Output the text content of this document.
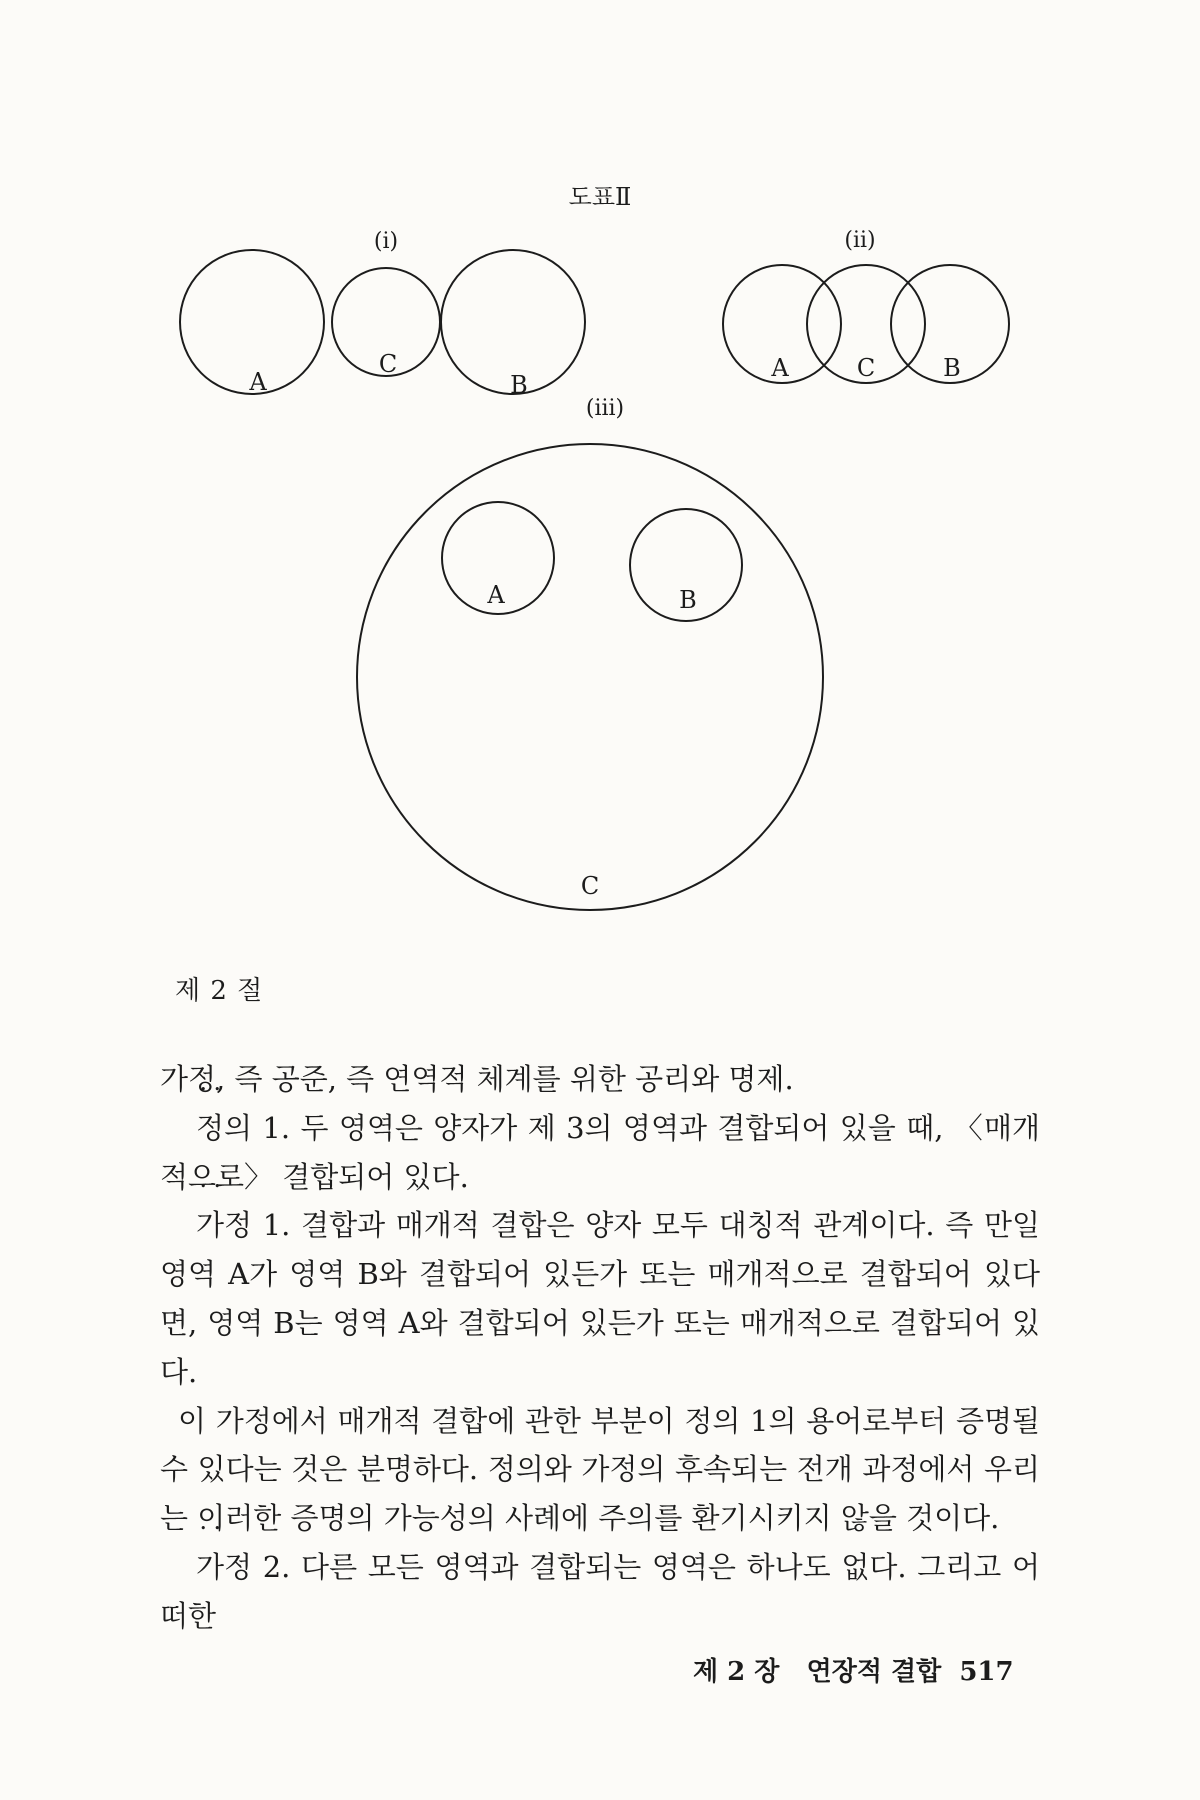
도표Ⅱ
(i)
A
C
B
(ii)
A	C	B
(iii)
A	B
C
제 2 절

가정, 즉 공준, 즉 연역적 체계를 위한 공리와 명제.

• • 정의 1. 두 영역은 양자가 제 3의 영역과 결합되어 있을 때, 〈매개적으로〉 결합되어 있다.

• • 가정 1. 결합과 매개적 결합은 양자 모두 대칭적 관계이다. 즉 만일 영역 A가 영역 B와 결합되어 있든가 또는 매개적으로 결합되어 있다면, 영역 B는 영역 A와 결합되어 있든가 또는 매개적으로 결합되어 있다.

이 가정에서 매개적 결합에 관한 부분이 정의 1의 용어로부터 증명될 수 있다는 것은 분명하다. 정의와 가정의 후속되는 전개 과정에서 우리는 이러한 증명의 가능성의 사례에 주의를 환기시키지 않을 것이다.

• • 가정 2. 다른 모든 영역과 결합되는 영역은 하나도 없다. 그리고 어떠한

제 2 장 연장적 결합 517
